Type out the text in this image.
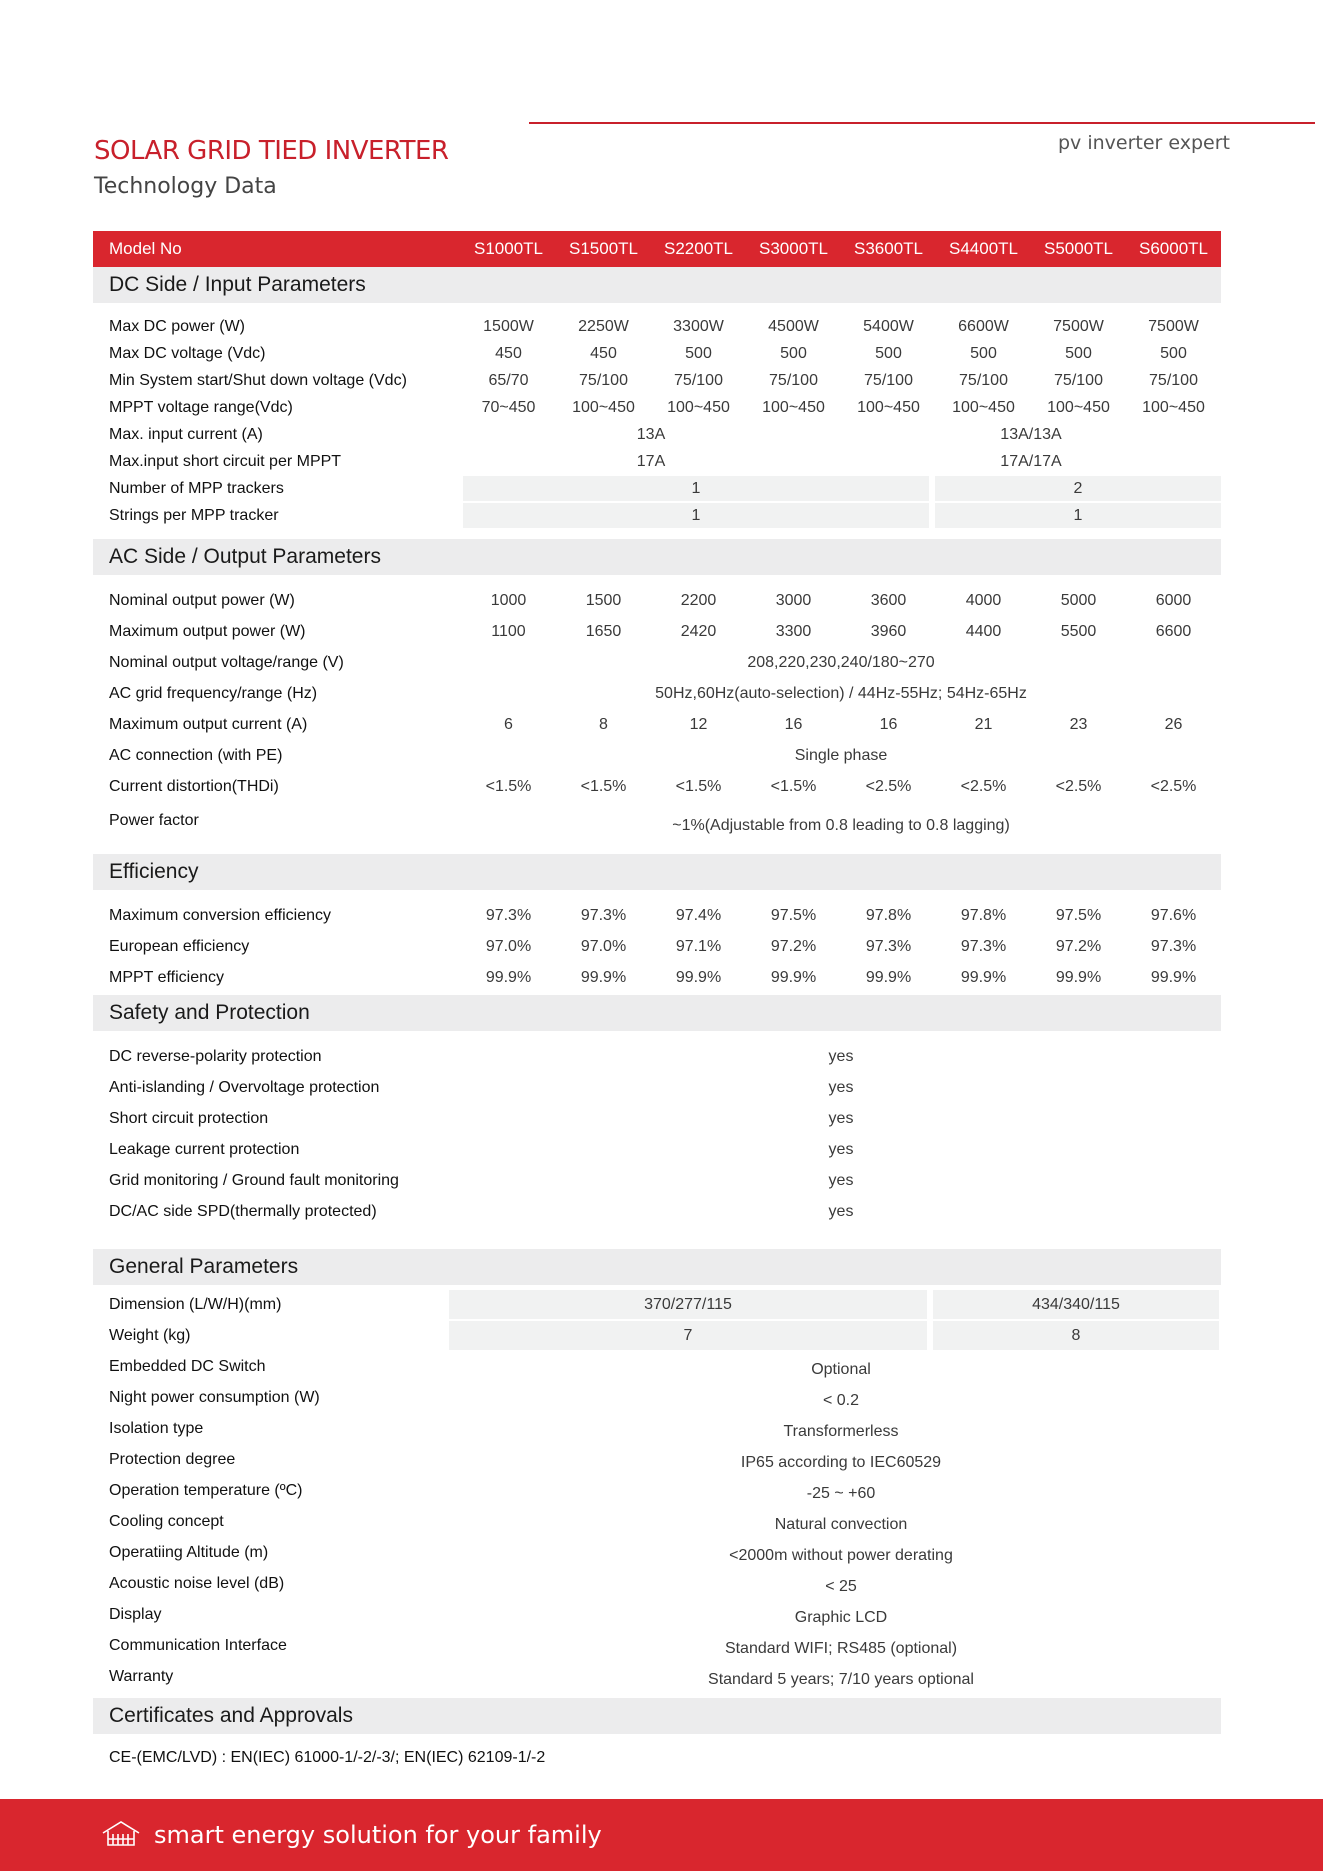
pv inverter expert
SOLAR GRID TIED INVERTER
Technology Data
Model No	S1000TL	S1500TL	S2200TL	S3000TL	S3600TL	S4400TL	S5000TL	S6000TL
DC Side / Input Parameters
Max DC power (W)	1500W	2250W	3300W	4500W	5400W	6600W	7500W	7500W
Max DC voltage (Vdc)	450	450	500	500	500	500	500	500
Min System start/Shut down voltage (Vdc)	65/70	75/100	75/100	75/100	75/100	75/100	75/100	75/100
MPPT voltage range(Vdc)	70~450	100~450	100~450	100~450	100~450	100~450	100~450	100~450
Max. input current (A)	13A	13A/13A
Max.input short circuit per MPPT	17A	17A/17A
Number of MPP trackers	1	2
Strings per MPP tracker	1	1
AC Side / Output Parameters
Nominal output power (W)	1000	1500	2200	3000	3600	4000	5000	6000
Maximum output power (W)	1100	1650	2420	3300	3960	4400	5500	6600
Nominal output voltage/range (V)	208,220,230,240/180~270
AC grid frequency/range (Hz)	50Hz,60Hz(auto-selection) / 44Hz-55Hz; 54Hz-65Hz
Maximum output current (A)	6	8	12	16	16	21	23	26
AC connection (with PE)	Single phase
Current distortion(THDi)	<1.5%	<1.5%	<1.5%	<1.5%	<2.5%	<2.5%	<2.5%	<2.5%
Power factor	~1%(Adjustable from 0.8 leading to 0.8 lagging)
Efficiency
Maximum conversion efficiency	97.3%	97.3%	97.4%	97.5%	97.8%	97.8%	97.5%	97.6%
European efficiency	97.0%	97.0%	97.1%	97.2%	97.3%	97.3%	97.2%	97.3%
MPPT efficiency	99.9%	99.9%	99.9%	99.9%	99.9%	99.9%	99.9%	99.9%
Safety and Protection
DC reverse-polarity protection	yes
Anti-islanding / Overvoltage protection	yes
Short circuit protection	yes
Leakage current protection	yes
Grid monitoring / Ground fault monitoring	yes
DC/AC side SPD(thermally protected)	yes
General Parameters
Dimension (L/W/H)(mm)	370/277/115	434/340/115
Weight (kg)	7	8
Embedded DC Switch	Optional
Night power consumption (W)	< 0.2
Isolation type	Transformerless
Protection degree	IP65 according to IEC60529
Operation temperature (ºC)	-25 ~ +60
Cooling concept	Natural convection
Operatiing Altitude (m)	<2000m without power derating
Acoustic noise level (dB)	< 25
Display	Graphic LCD
Communication Interface	Standard WIFI; RS485 (optional)
Warranty	Standard 5 years; 7/10 years optional
Certificates and Approvals
CE-(EMC/LVD) : EN(IEC) 61000-1/-2/-3/; EN(IEC) 62109-1/-2
smart energy solution for your family
